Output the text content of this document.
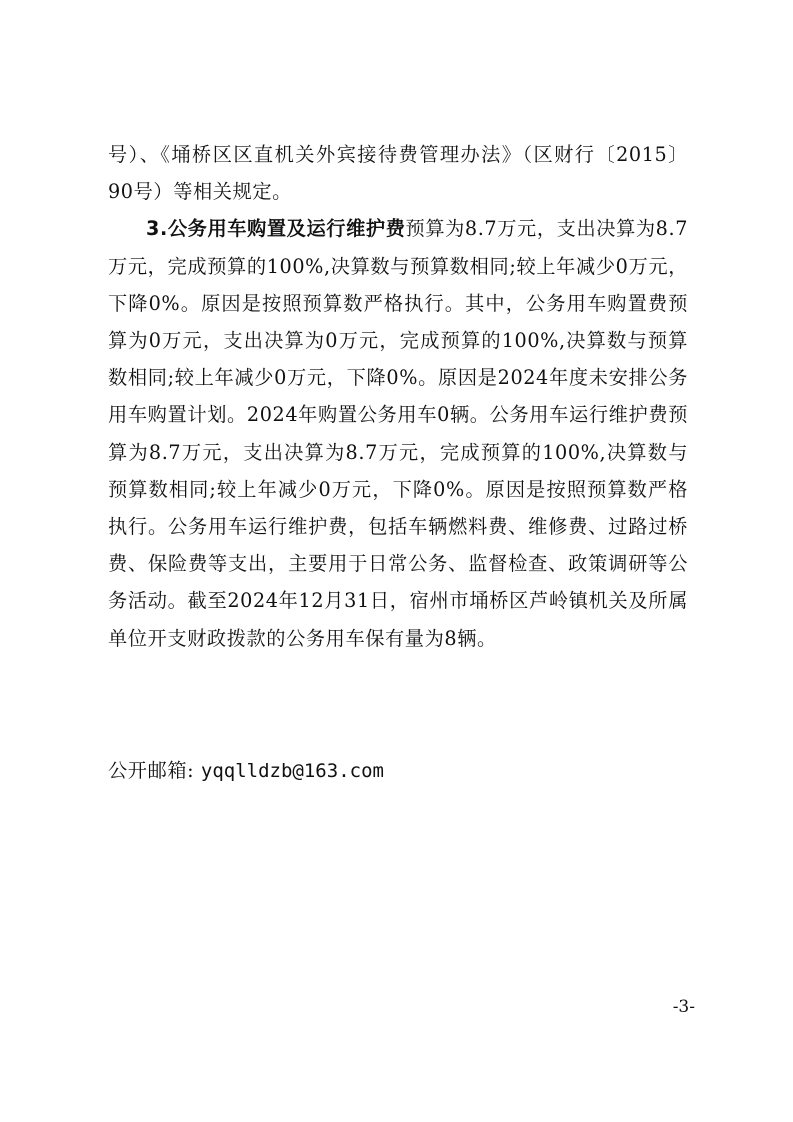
号）、《埇桥区区直机关外宾接待费管理办法》（区财行〔2015〕90号）等相关规定。

3.公务用车购置及运行维护费预算为8.7万元，支出决算为8.7万元，完成预算的100%,决算数与预算数相同;较上年减少0万元，下降0%。原因是按照预算数严格执行。其中，公务用车购置费预算为0万元，支出决算为0万元，完成预算的100%,决算数与预算数相同;较上年减少0万元，下降0%。原因是2024年度未安排公务用车购置计划。2024年购置公务用车0辆。公务用车运行维护费预算为8.7万元，支出决算为8.7万元，完成预算的100%,决算数与预算数相同;较上年减少0万元，下降0%。原因是按照预算数严格执行。公务用车运行维护费，包括车辆燃料费、维修费、过路过桥费、保险费等支出，主要用于日常公务、监督检查、政策调研等公务活动。截至2024年12月31日，宿州市埇桥区芦岭镇机关及所属单位开支财政拨款的公务用车保有量为8辆。

公开邮箱: yqqlldzb@163.com
-3-
